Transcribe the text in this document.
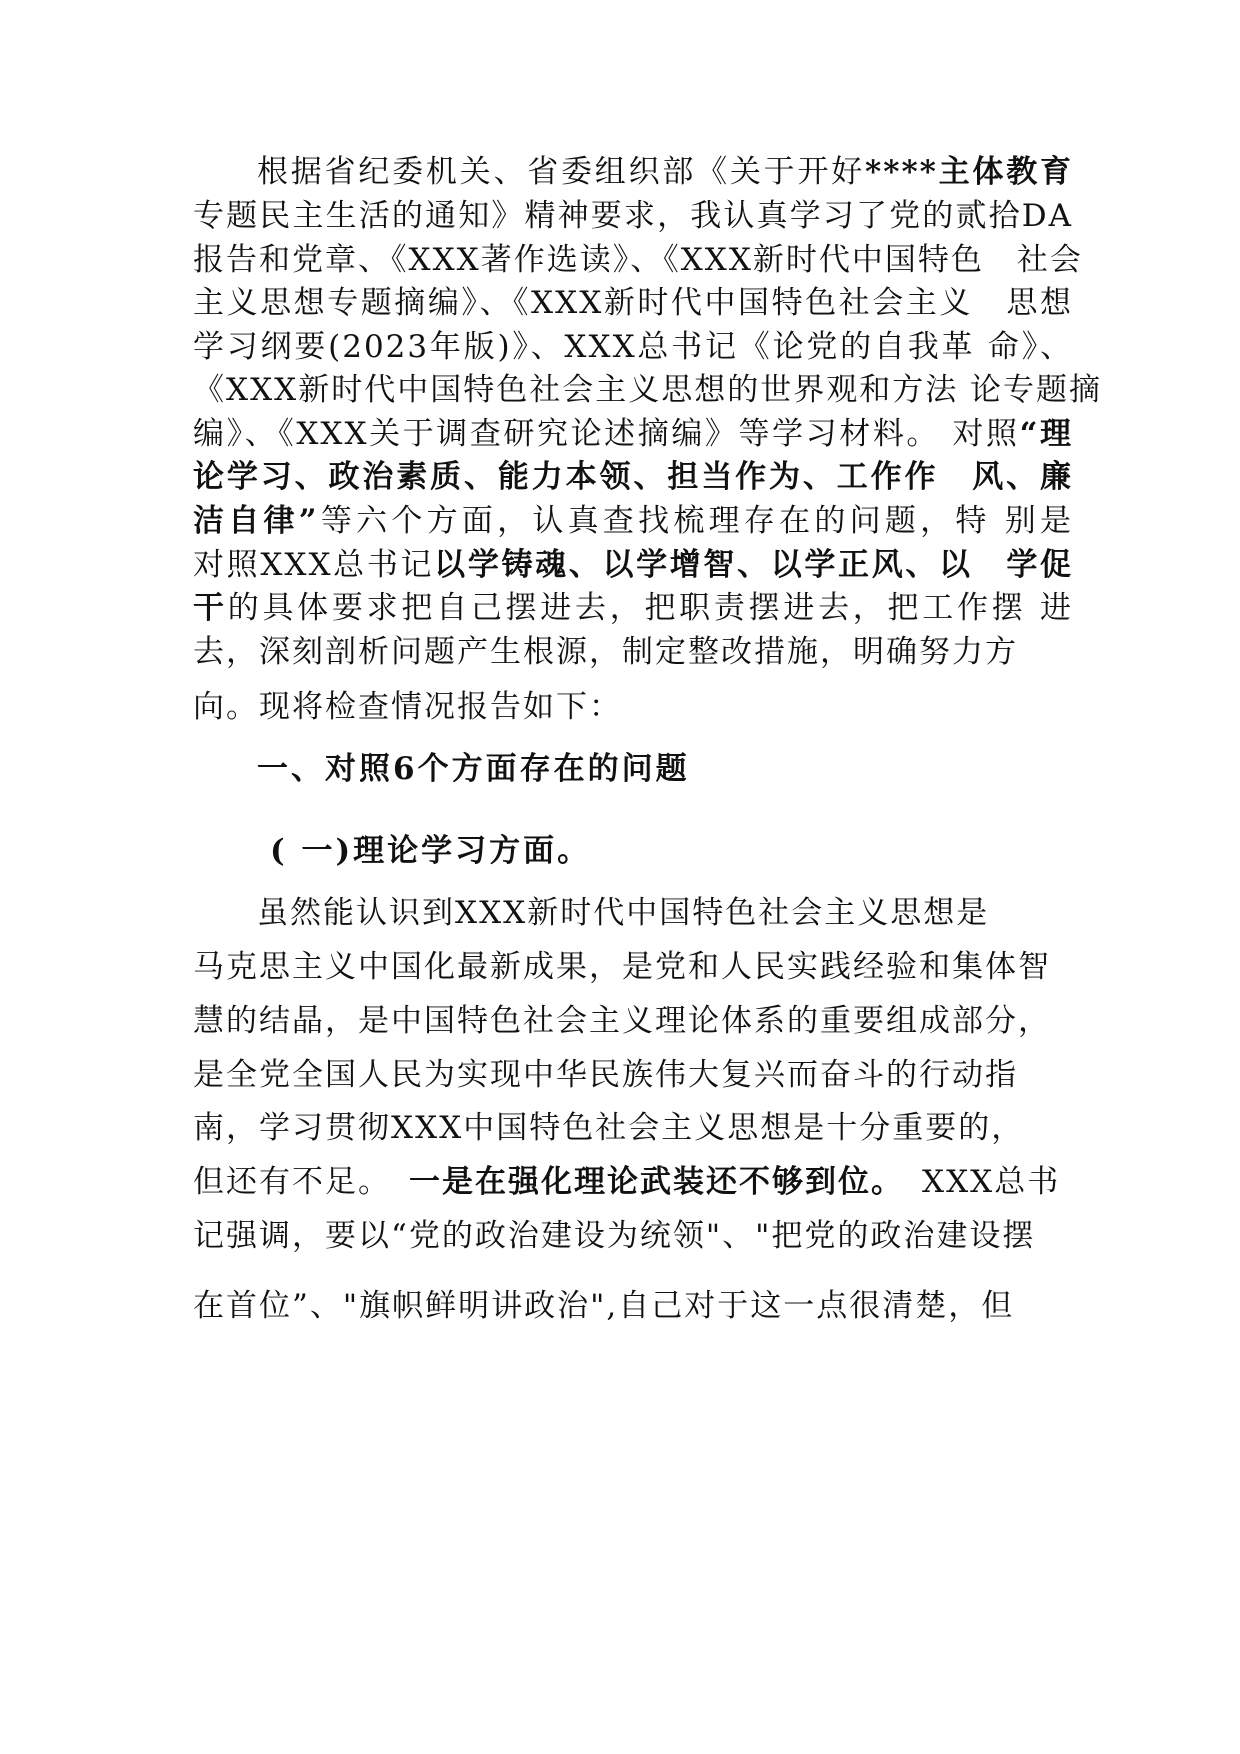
根据省纪委机关、省委组织部《关于开好****主体教育
专题民主生活的通知》精神要求，我认真学习了党的贰拾DA
报告和党章、《XXX著作选读》、《XXX新时代中国特色　社会
主义思想专题摘编》、《XXX新时代中国特色社会主义　思想
学习纲要(2023年版)》、XXX总书记《论党的自我革 命》、
《XXX新时代中国特色社会主义思想的世界观和方法 论专题摘
编》、《XXX关于调查研究论述摘编》等学习材料。 对照“理
论学习、政治素质、能力本领、担当作为、工作作　风、廉
洁自律”等六个方面，认真查找梳理存在的问题，特 别是
对照XXX总书记以学铸魂、以学增智、以学正风、以　学促
干的具体要求把自己摆进去，把职责摆进去，把工作摆 进
去，深刻剖析问题产生根源，制定整改措施，明确努力方
向。现将检查情况报告如下：
一、对照6个方面存在的问题
( 一)理论学习方面。
虽然能认识到XXX新时代中国特色社会主义思想是
马克思主义中国化最新成果，是党和人民实践经验和集体智
慧的结晶，是中国特色社会主义理论体系的重要组成部分，
是全党全国人民为实现中华民族伟大复兴而奋斗的行动指
南，学习贯彻XXX中国特色社会主义思想是十分重要的，
但还有不足。 一是在强化理论武装还不够到位。 XXX总书
记强调，要以“党的政治建设为统领"、"把党的政治建设摆
在首位”、"旗帜鲜明讲政治",自己对于这一点很清楚，但
